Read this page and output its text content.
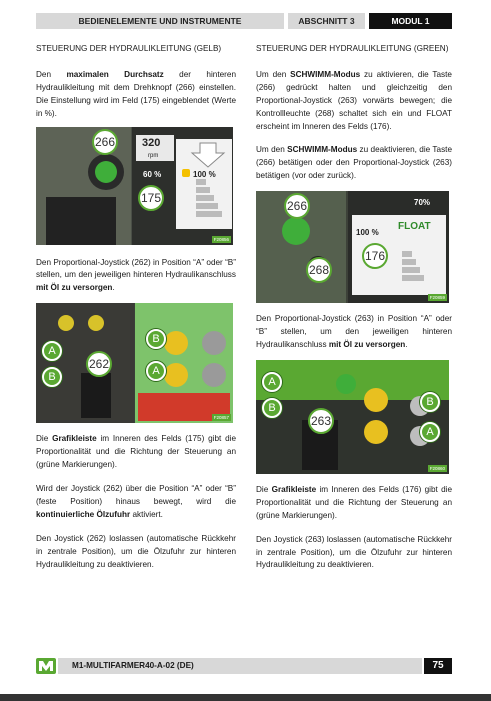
BEDIENELEMENTE UND INSTRUMENTE	ABSCHNITT 3	MODUL 1

STEUERUNG DER HYDRAULIKLEITUNG (GELB)

Den maximalen Durchsatz der hinteren Hydraulikleitung mit dem Drehknopf (266) einstellen. Die Einstellung wird im Feld (175) eingeblendet (Werte in %).

320
rpm
60 %	100 %
266
175
F20856

Den Proportional-Joystick (262) in Position “A” oder “B” stellen, um den jeweiligen hinteren Hydraulikanschluss mit Öl zu versorgen.

A
B
B
A
262
F20857

Die Grafikleiste im Inneren des Felds (175) gibt die Proportionalität und die Richtung der Steuerung an (grüne Markierungen).

Wird der Joystick (262) über die Position “A” oder “B” (feste Position) hinaus bewegt, wird die kontinuierliche Ölzufuhr aktiviert.

Den Joystick (262) loslassen (automatische Rückkehr in zentrale Position), um die Ölzufuhr zur hinteren Hydraulikleitung zu deaktivieren.

STEUERUNG DER HYDRAULIKLEITUNG (GREEN)

Um den SCHWIMM-Modus zu aktivieren, die Taste (266) gedrückt halten und gleichzeitig den Proportional-Joystick (263) vorwärts bewegen; die Kontrollleuchte (268) schaltet sich ein und FLOAT erscheint im Inneren des Felds (176).

Um den SCHWIMM-Modus zu deaktivieren, die Taste (266) betätigen oder den Proportional-Joystick (263) betätigen (vor oder zurück).

70%
100 %
FLOAT
266
268
176
F20859

Den Proportional-Joystick (263) in Position “A” oder “B” stellen, um den jeweiligen hinteren Hydraulikanschluss mit Öl zu versorgen.

A
B	B
A
263
F20860

Die Grafikleiste im Inneren des Felds (176) gibt die Proportionalität und die Richtung der Steuerung an (grüne Markierungen).

Den Joystick (263) loslassen (automatische Rückkehr in zentrale Position), um die Ölzufuhr zur hinteren Hydraulikleitung zu deaktivieren.

M1-MULTIFARMER40-A-02 (DE)	75
